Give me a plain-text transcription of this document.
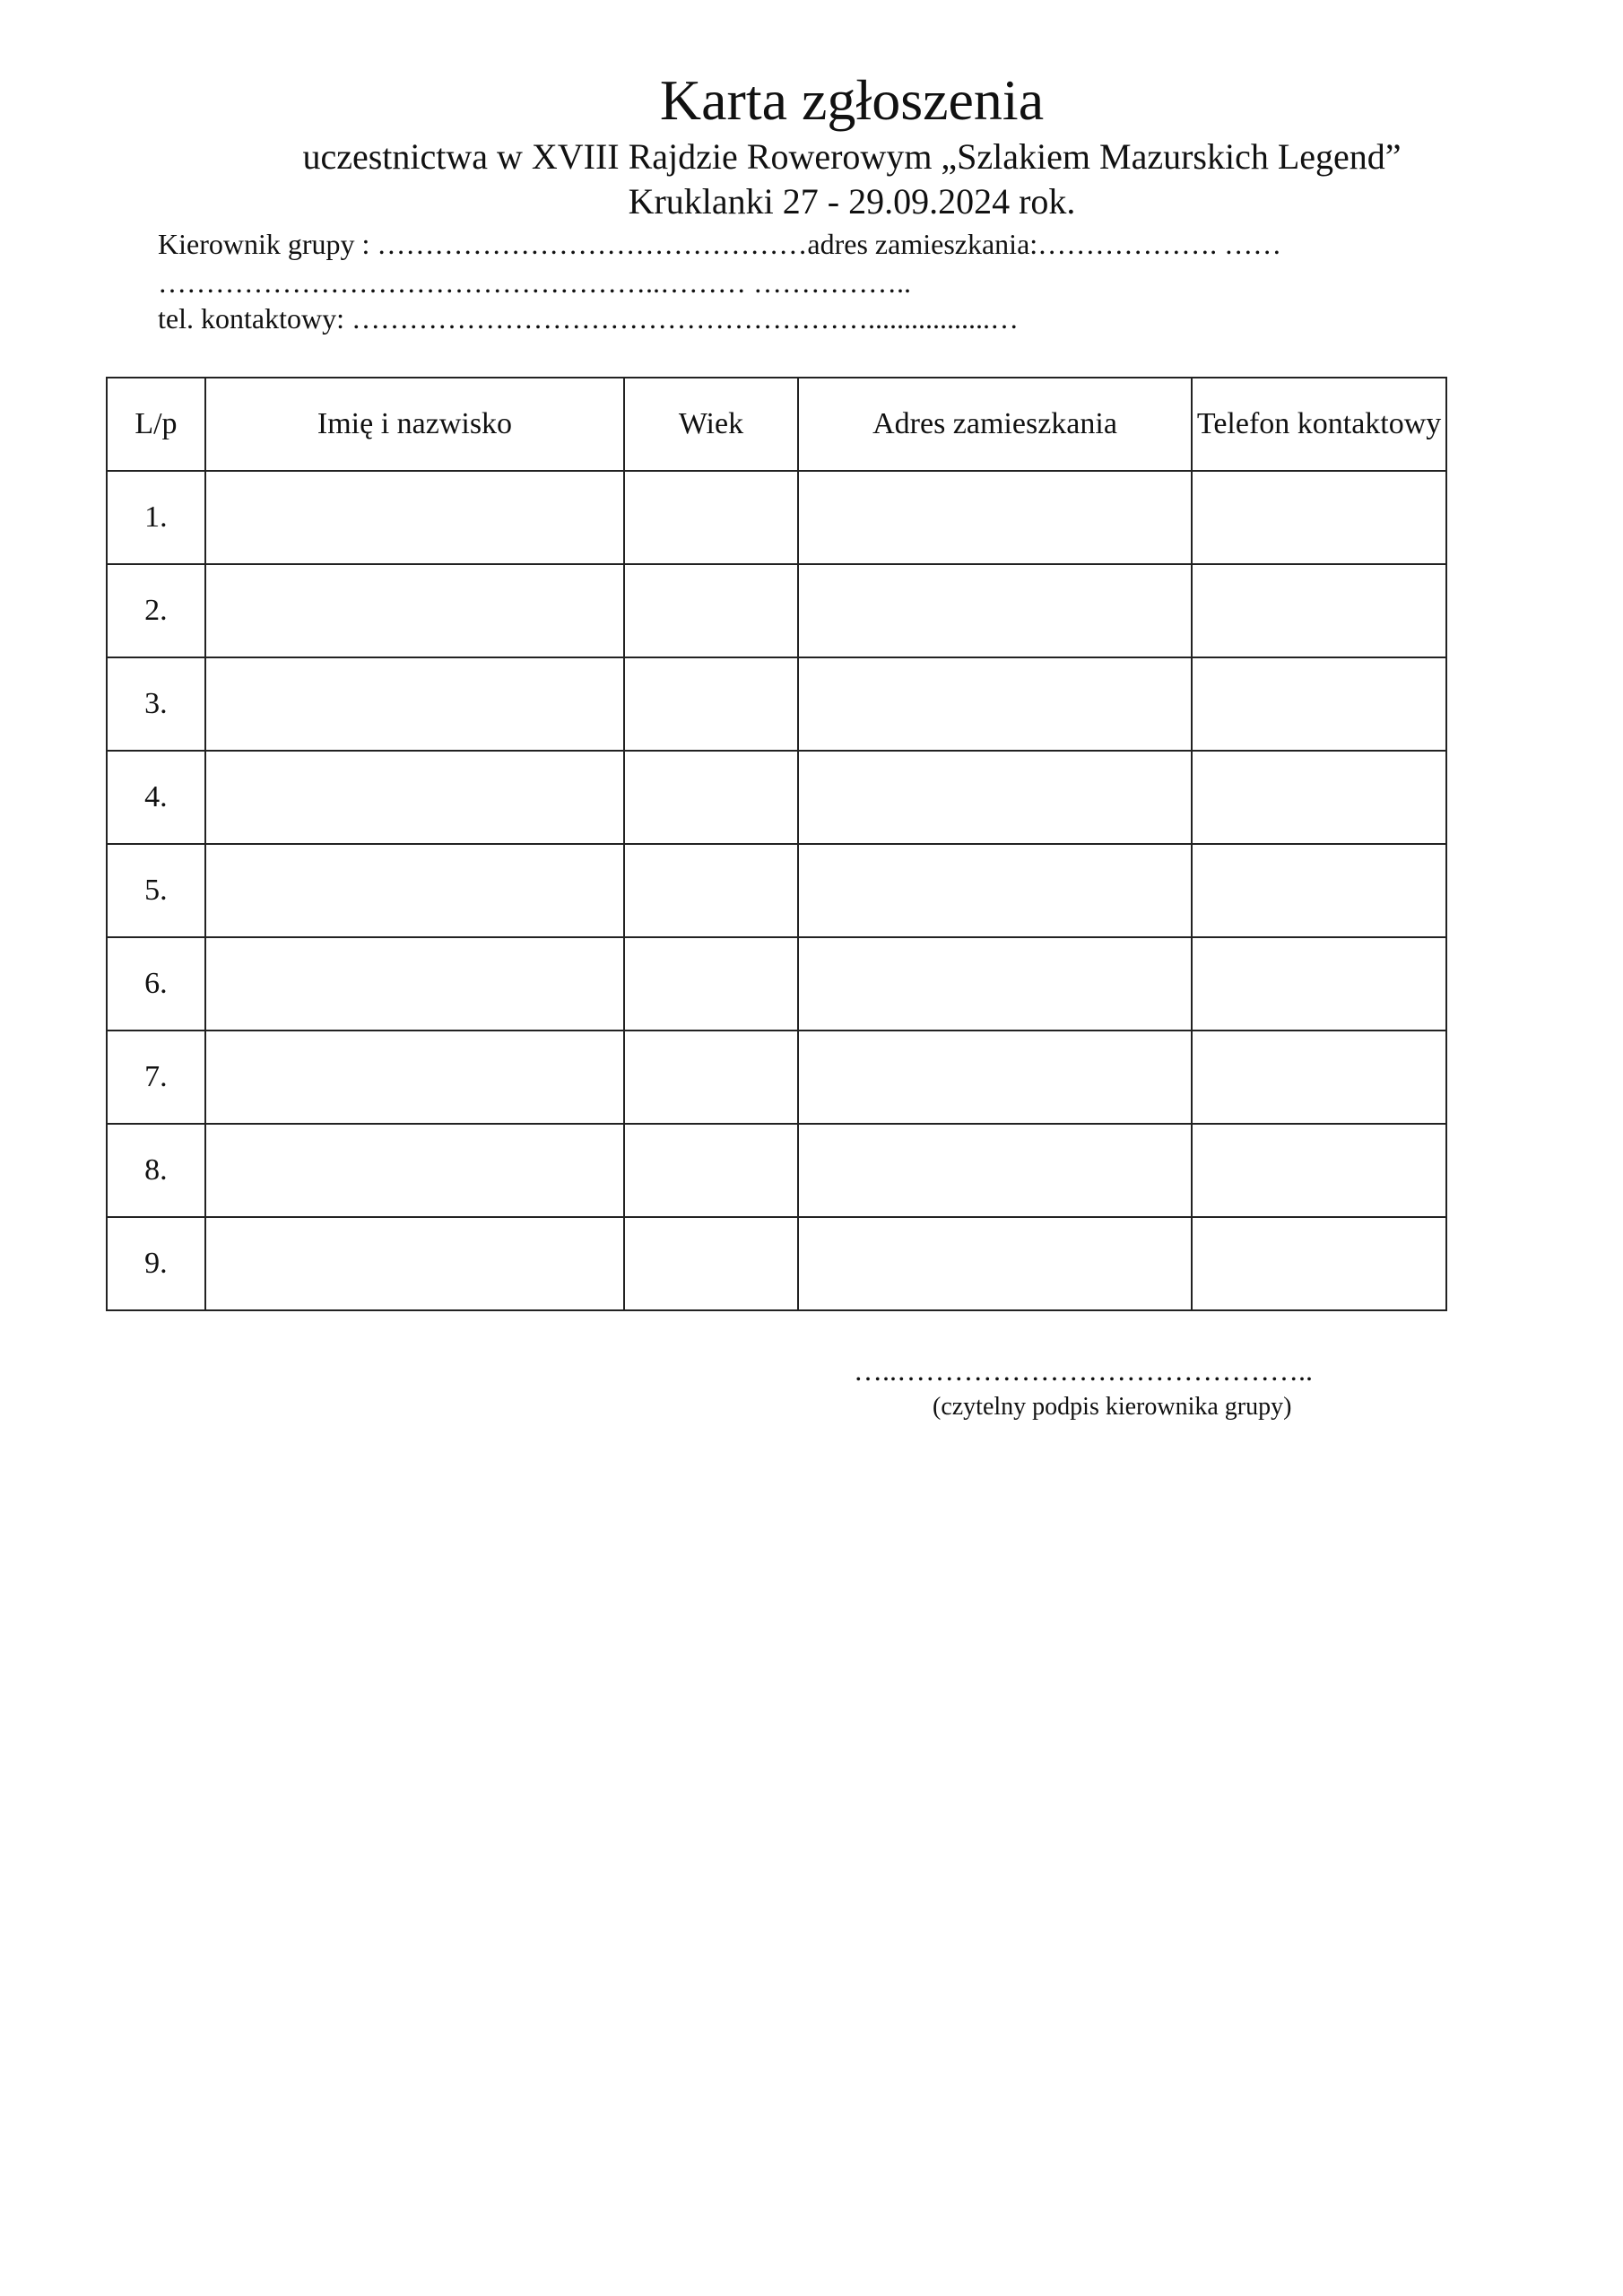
Karta zgłoszenia
uczestnictwa w XVIII Rajdzie Rowerowym „Szlakiem Mazurskich Legend”
Kruklanki 27 - 29.09.2024 rok.
Kierownik grupy : ………………………………………adres zamieszkania:………………. ……
……………………………………………..……… ……………..
tel. kontaktowy: ……………………………………………….................…
L/p	Imię i nazwisko	Wiek	Adres zamieszkania	Telefon kontaktowy
1.				
2.				
3.				
4.				
5.				
6.				
7.				
8.				
9.				
…..……………………………………..
(czytelny podpis kierownika grupy)
